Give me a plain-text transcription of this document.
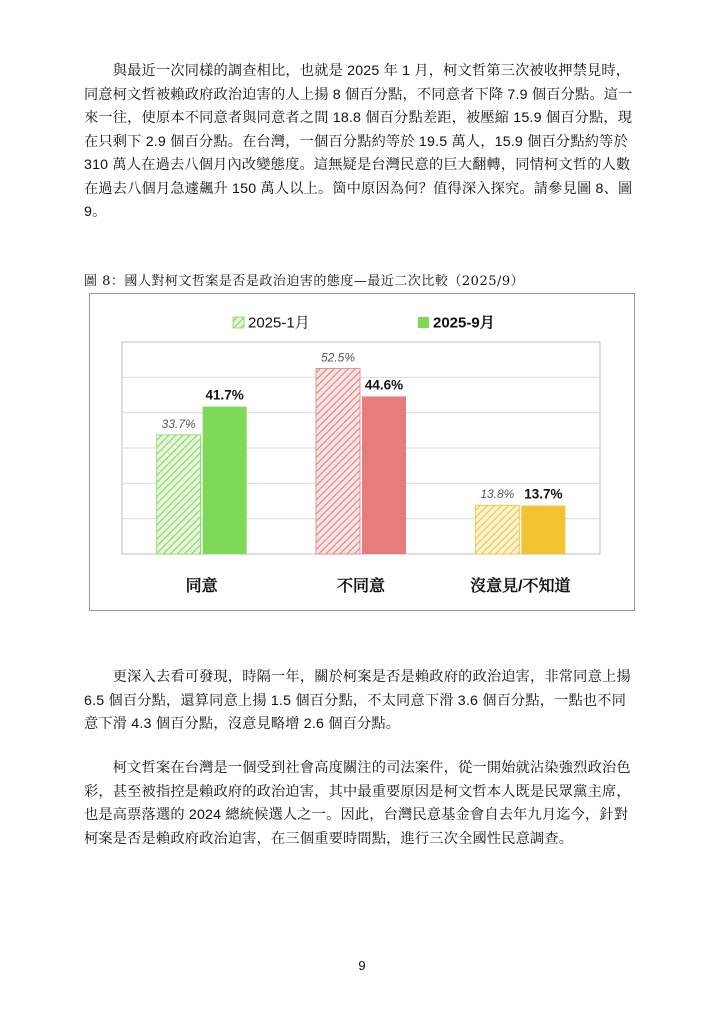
　　與最近一次同樣的調查相比，也就是 2025 年 1 月，柯文哲第三次被收押禁見時，
同意柯文哲被賴政府政治迫害的人上揚 8 個百分點，不同意者下降 7.9 個百分點。這一
來一往，使原本不同意者與同意者之間 18.8 個百分點差距，被壓縮 15.9 個百分點，現
在只剩下 2.9 個百分點。在台灣，一個百分點約等於 19.5 萬人，15.9 個百分點約等於
310 萬人在過去八個月內改變態度。這無疑是台灣民意的巨大翻轉，同情柯文哲的人數
在過去八個月急遽飆升 150 萬人以上。箇中原因為何？值得深入探究。請參見圖 8、圖
9。
圖 8：國人對柯文哲案是否是政治迫害的態度—最近二次比較（2025/9）
33.7%
41.7%
同意
52.5%
44.6%
不同意
13.8% 13.7%
沒意見/不知道
2025-1月	2025-9月
　　更深入去看可發現，時隔一年，關於柯案是否是賴政府的政治迫害，非常同意上揚
6.5 個百分點，還算同意上揚 1.5 個百分點，不太同意下滑 3.6 個百分點，一點也不同
意下滑 4.3 個百分點，沒意見略增 2.6 個百分點。
　　柯文哲案在台灣是一個受到社會高度關注的司法案件，從一開始就沾染強烈政治色
彩，甚至被指控是賴政府的政治迫害，其中最重要原因是柯文哲本人既是民眾黨主席，
也是高票落選的 2024 總統候選人之一。因此，台灣民意基金會自去年九月迄今，針對
柯案是否是賴政府政治迫害，在三個重要時間點，進行三次全國性民意調查。
9
